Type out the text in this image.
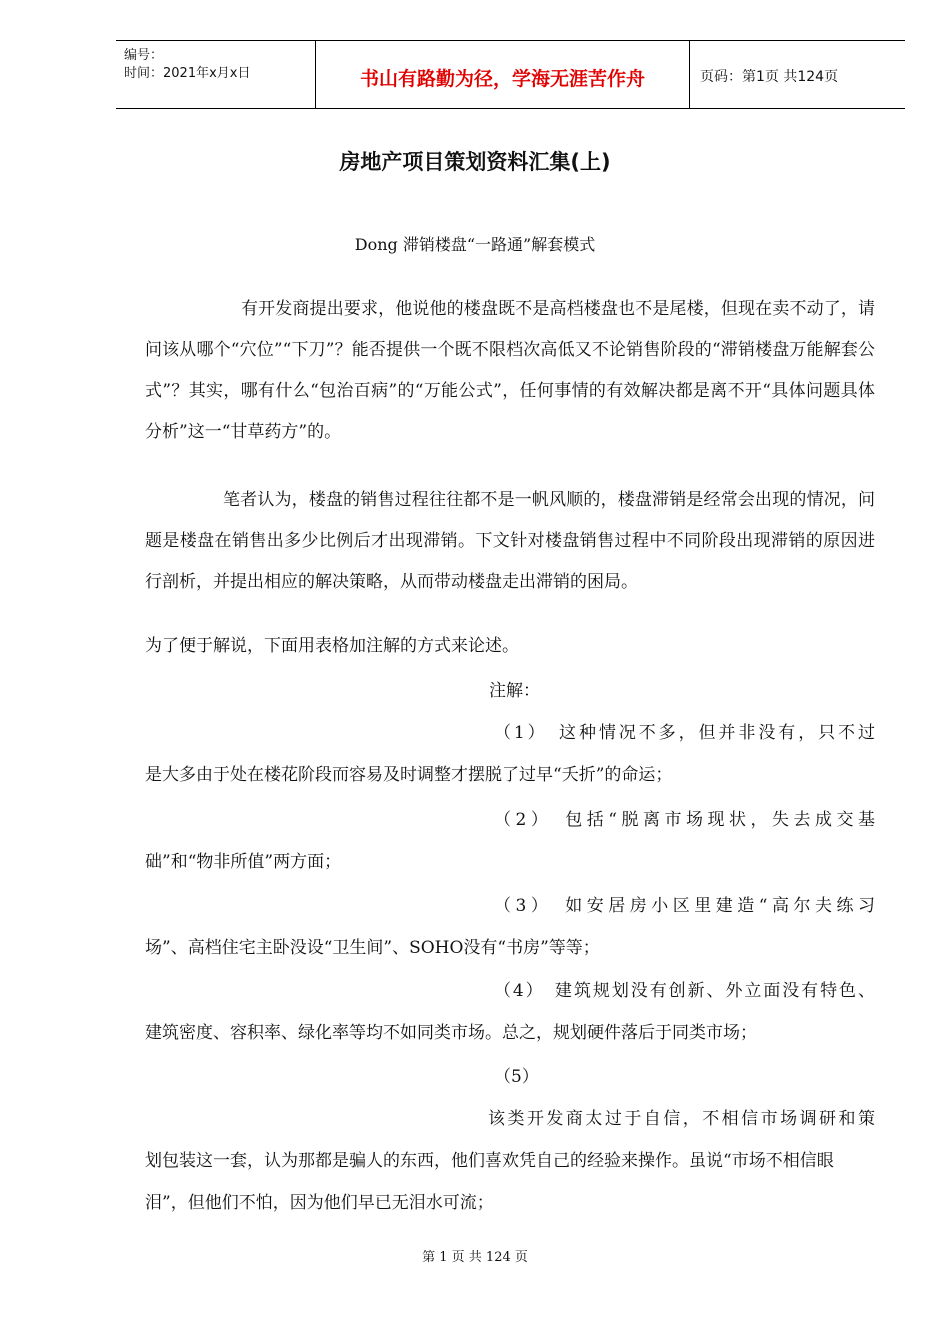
编号：
时间：2021年x月x日	书山有路勤为径，学海无涯苦作舟	页码：第1页 共124页
房地产项目策划资料汇集(上)
Dong 滞销楼盘“一路通”解套模式
有开发商提出要求，他说他的楼盘既不是高档楼盘也不是尾楼，但现在卖不动了，请问该从哪个“穴位”“下刀”？能否提供一个既不限档次高低又不论销售阶段的“滞销楼盘万能解套公式”？其实，哪有什么“包治百病”的“万能公式”，任何事情的有效解决都是离不开“具体问题具体分析”这一“甘草药方”的。
笔者认为，楼盘的销售过程往往都不是一帆风顺的，楼盘滞销是经常会出现的情况，问题是楼盘在销售出多少比例后才出现滞销。下文针对楼盘销售过程中不同阶段出现滞销的原因进行剖析，并提出相应的解决策略，从而带动楼盘走出滞销的困局。
为了便于解说，下面用表格加注解的方式来论述。
注解：
（1）　这种情况不多，但并非没有，只不过
是大多由于处在楼花阶段而容易及时调整才摆脱了过早“夭折”的命运；
（2）　包括“脱离市场现状，失去成交基
础”和“物非所值”两方面；
（3）　如安居房小区里建造“高尔夫练习
场”、高档住宅主卧没设“卫生间”、SOHO没有“书房”等等；
（4）　建筑规划没有创新、外立面没有特色、
建筑密度、容积率、绿化率等均不如同类市场。总之，规划硬件落后于同类市场；
（5）
该类开发商太过于自信，不相信市场调研和策
划包装这一套，认为那都是骗人的东西，他们喜欢凭自己的经验来操作。虽说“市场不相信眼泪”，但他们不怕，因为他们早已无泪水可流；
第 1 页 共 124 页
